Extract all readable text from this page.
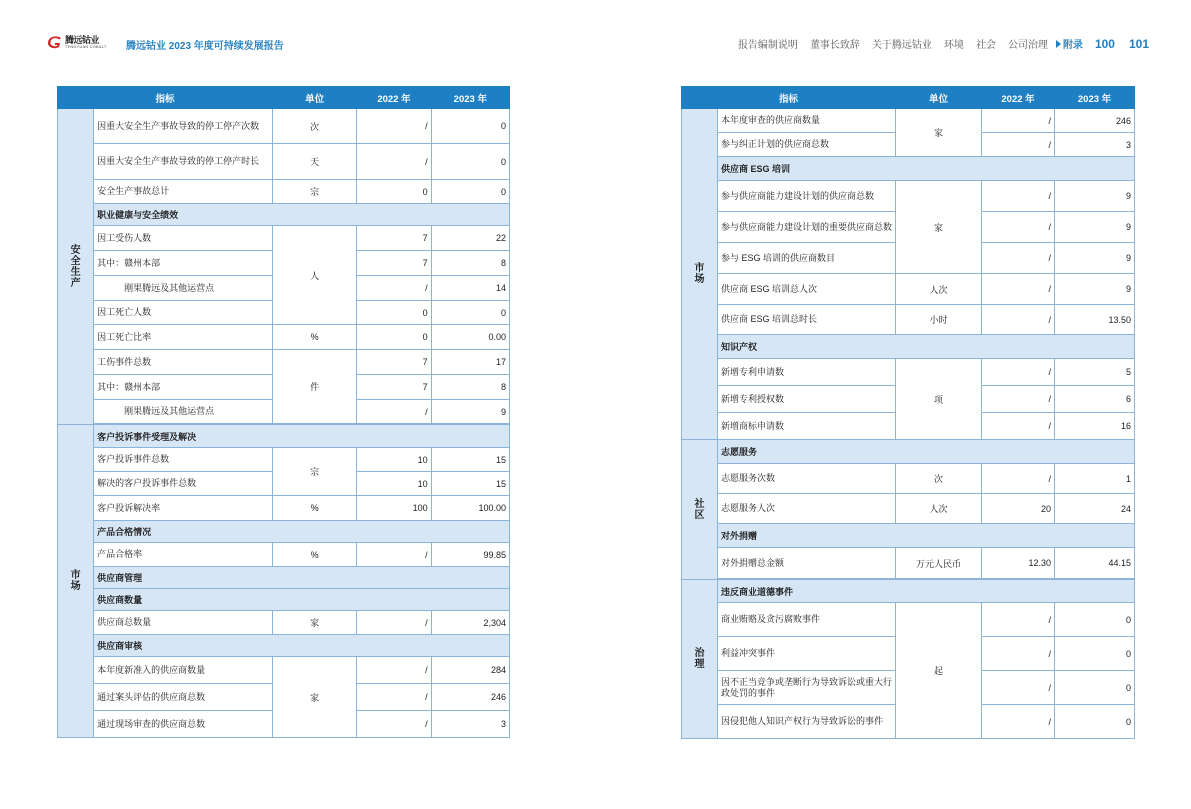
腾远钴业
TENGYUAN COBALT 腾远钴业 2023 年度可持续发展报告	报告编制说明 董事长致辞 关于腾远钴业 环境 社会 公司治理 附录 100 101
指标		单位	2022 年	2023 年
安全生产	因重大安全生产事故导致的停工停产次数	次	/	0
	因重大安全生产事故导致的停工停产时长	天	/	0
	安全生产事故总计	宗	0	0
	职业健康与安全绩效			
	因工受伤人数	人	7	22
	其中：赣州本部		7	8
	刚果腾远及其他运营点		/	14
	因工死亡人数		0	0
	因工死亡比率	%	0	0.00
	工伤事件总数	件	7	17
	其中：赣州本部		7	8
	刚果腾远及其他运营点		/	9

市场	客户投诉事件受理及解决			
	客户投诉事件总数	宗	10	15
	解决的客户投诉事件总数		10	15
	客户投诉解决率	%	100	100.00
	产品合格情况			
	产品合格率	%	/	99.85
	供应商管理			
	供应商数量			
	供应商总数量	家	/	2,304
	供应商审核			
	本年度新准入的供应商数量	家	/	284
	通过案头评估的供应商总数		/	246
	通过现场审查的供应商总数		/	3
指标		单位	2022 年	2023 年
市场	本年度审查的供应商数量	家	/	246
	参与纠正计划的供应商总数		/	3
	供应商 ESG 培训			
	参与供应商能力建设计划的供应商总数	家	/	9
	参与供应商能力建设计划的重要供应商总数		/	9
	参与 ESG 培训的供应商数目		/	9
	供应商 ESG 培训总人次	人次	/	9
	供应商 ESG 培训总时长	小时	/	13.50
	知识产权			
	新增专利申请数	项	/	5
	新增专利授权数		/	6
	新增商标申请数		/	16
社区	志愿服务			
	志愿服务次数	次	/	1
	志愿服务人次	人次	20	24
	对外捐赠			
	对外捐赠总金额	万元人民币	12.30	44.15

治理	违反商业道德事件			
	商业贿赂及贪污腐败事件	起	/	0
	利益冲突事件		/	0
	因不正当竞争或垄断行为导致诉讼或重大行政处罚的事件		/	0
	因侵犯他人知识产权行为导致诉讼的事件		/	0
